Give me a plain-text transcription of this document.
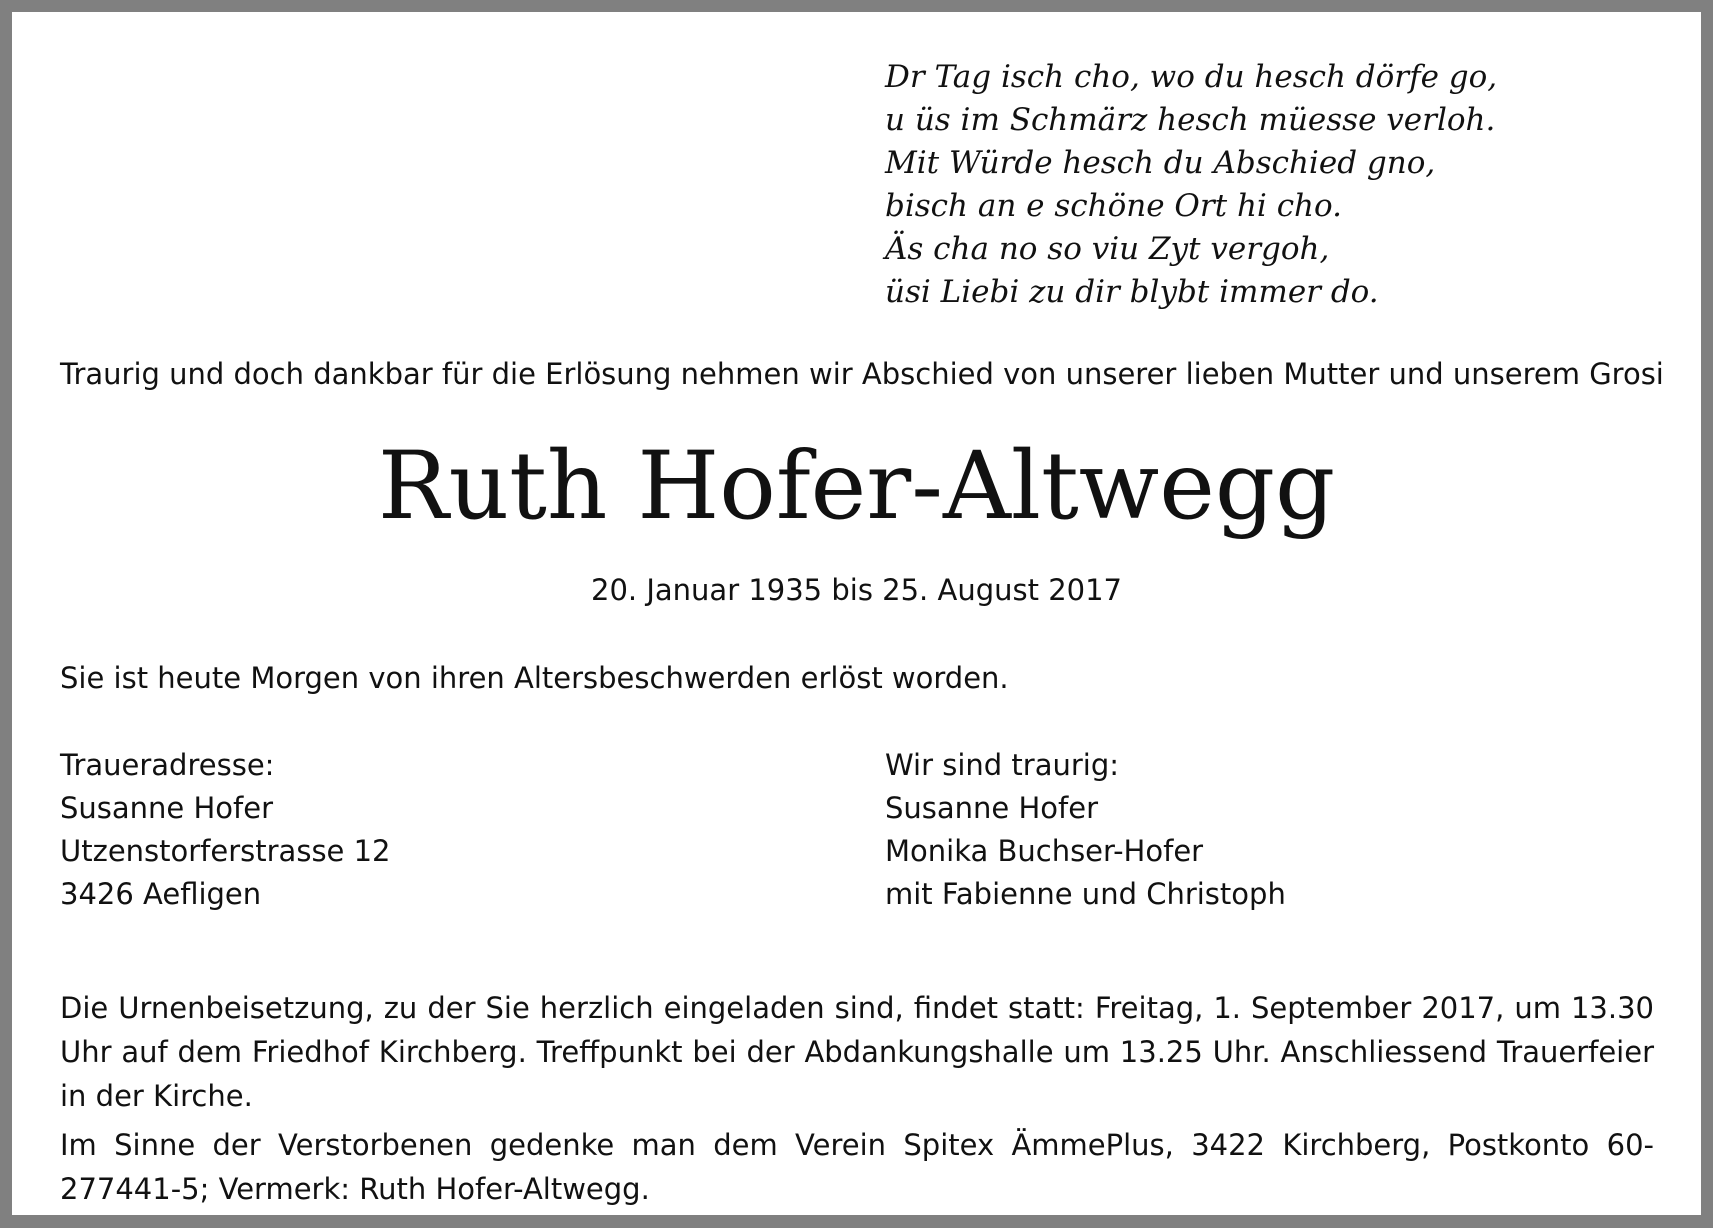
Dr Tag isch cho, wo du hesch dörfe go,
u üs im Schmärz hesch müesse verloh.
Mit Würde hesch du Abschied gno,
bisch an e schöne Ort hi cho.
Äs cha no so viu Zyt vergoh,
üsi Liebi zu dir blybt immer do.
Traurig und doch dankbar für die Erlösung nehmen wir Abschied von unserer lieben Mutter und unserem Grosi
Ruth Hofer-Altwegg
20. Januar 1935 bis 25. August 2017
Sie ist heute Morgen von ihren Altersbeschwerden erlöst worden.
Traueradresse:
Susanne Hofer
Utzenstorferstrasse 12
3426 Aefligen
Wir sind traurig:
Susanne Hofer
Monika Buchser-Hofer
mit Fabienne und Christoph

Die Urnenbeisetzung, zu der Sie herzlich eingeladen sind, findet statt: Freitag, 1. September 2017, um 13.30 Uhr auf dem Friedhof Kirchberg. Treffpunkt bei der Abdankungshalle um 13.25 Uhr. Anschliessend Trauerfeier in der Kirche.

Im Sinne der Verstorbenen gedenke man dem Verein Spitex ÄmmePlus, 3422 Kirchberg, Postkonto 60-277441-5; Vermerk: Ruth Hofer-Altwegg.
